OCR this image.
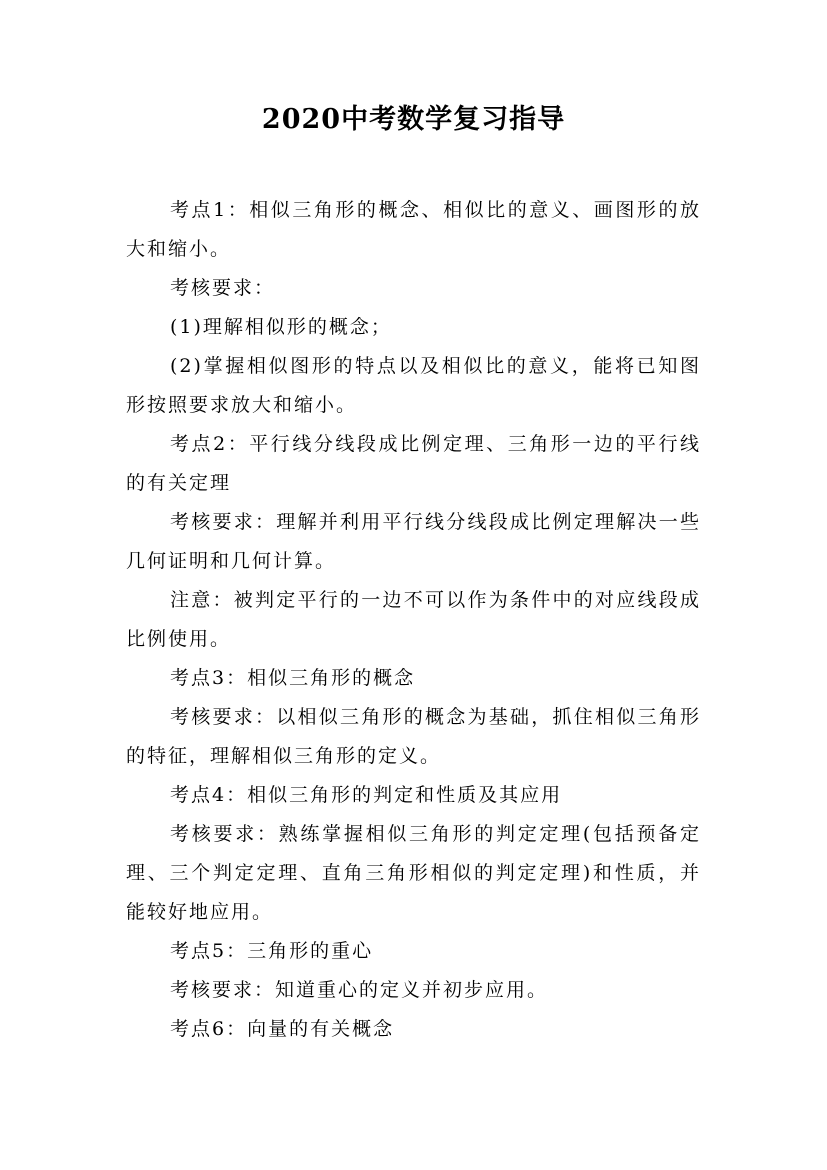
2020中考数学复习指导

考点1：相似三角形的概念、相似比的意义、画图形的放大和缩小。

考核要求：

(1)理解相似形的概念；

(2)掌握相似图形的特点以及相似比的意义，能将已知图形按照要求放大和缩小。

考点2：平行线分线段成比例定理、三角形一边的平行线的有关定理

考核要求：理解并利用平行线分线段成比例定理解决一些几何证明和几何计算。

注意：被判定平行的一边不可以作为条件中的对应线段成比例使用。

考点3：相似三角形的概念

考核要求：以相似三角形的概念为基础，抓住相似三角形的特征，理解相似三角形的定义。

考点4：相似三角形的判定和性质及其应用

考核要求：熟练掌握相似三角形的判定定理(包括预备定理、三个判定定理、直角三角形相似的判定定理)和性质，并能较好地应用。

考点5：三角形的重心

考核要求：知道重心的定义并初步应用。

考点6：向量的有关概念
